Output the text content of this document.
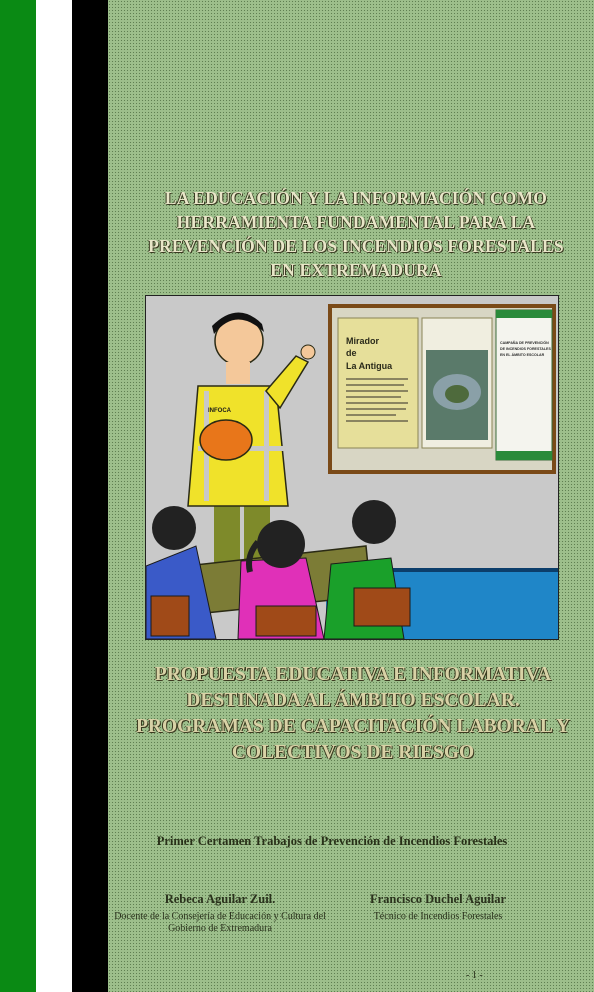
LA EDUCACIÓN Y LA INFORMACIÓN COMO HERRAMIENTA FUNDAMENTAL PARA LA PREVENCIÓN DE LOS INCENDIOS FORESTALES EN EXTREMADURA
Mirador
de
La Antigua
CAMPAÑA DE PREVENCIÓN
DE INCENDIOS FORESTALES
EN EL ÁMBITO ESCOLAR
INFOCA
PROPUESTA EDUCATIVA E INFORMATIVA DESTINADA AL ÁMBITO ESCOLAR. PROGRAMAS DE CAPACITACIÓN LABORAL Y COLECTIVOS DE RIESGO
Primer Certamen Trabajos de Prevención de Incendios Forestales
Rebeca Aguilar Zuil.
Docente de la Consejería de Educación y Cultura del Gobierno de Extremadura
Francisco Duchel Aguilar
Técnico de Incendios Forestales
- 1 -
